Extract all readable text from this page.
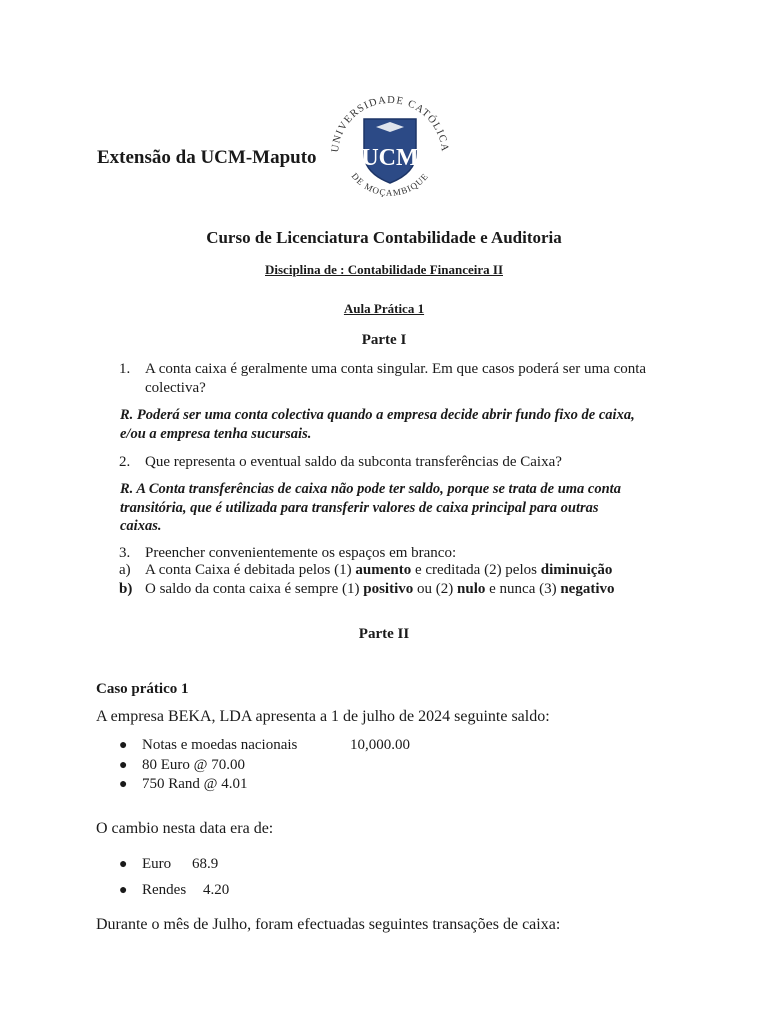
Extensão da UCM-Maputo UNIVERSIDADE CATÓLICA
DE MOÇAMBIQUE
UCM
Curso de Licenciatura Contabilidade e Auditoria
Disciplina de : Contabilidade Financeira II
Aula Prática 1
Parte I
1. A conta caixa é geralmente uma conta singular. Em que casos poderá ser uma conta
colectiva?
R. Poderá ser uma conta colectiva quando a empresa decide abrir fundo fixo de caixa,
e/ou a empresa tenha sucursais.
2. Que representa o eventual saldo da subconta transferências de Caixa?
R. A Conta transferências de caixa não pode ter saldo, porque se trata de uma conta
transitória, que é utilizada para transferir valores de caixa principal para outras
caixas.
3. Preencher convenientemente os espaços em branco:
a) A conta Caixa é debitada pelos (1) aumento e creditada (2) pelos diminuição
b) O saldo da conta caixa é sempre (1) positivo ou (2) nulo e nunca (3) negativo
Parte II
Caso prático 1
A empresa BEKA, LDA apresenta a 1 de julho de 2024 seguinte saldo:
● Notas e moedas nacionais	10,000.00
● 80 Euro @ 70.00
● 750 Rand @ 4.01
O cambio nesta data era de:
● Euro 68.9
● Rendes 4.20
Durante o mês de Julho, foram efectuadas seguintes transações de caixa:
